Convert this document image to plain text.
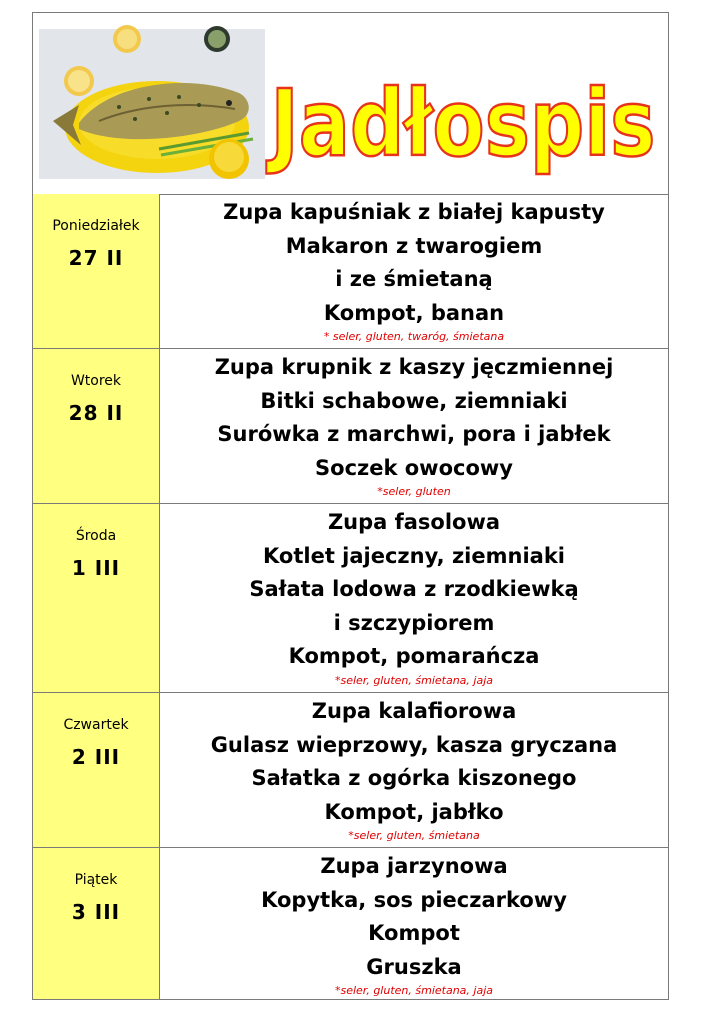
Jadłospis
Poniedziałek
27 II
Zupa kapuśniak z białej kapusty
Makaron z twarogiem
i ze śmietaną
Kompot, banan
* seler, gluten, twaróg, śmietana
Wtorek
28 II
Zupa krupnik z kaszy jęczmiennej
Bitki schabowe, ziemniaki
Surówka z marchwi, pora i jabłek
Soczek owocowy
*seler, gluten
Środa
1 III
Zupa fasolowa
Kotlet jajeczny, ziemniaki
Sałata lodowa z rzodkiewką
i szczypiorem
Kompot, pomarańcza
*seler, gluten, śmietana, jaja
Czwartek
2 III
Zupa kalafiorowa
Gulasz wieprzowy, kasza gryczana
Sałatka z ogórka kiszonego
Kompot, jabłko
*seler, gluten, śmietana
Piątek
3 III
Zupa jarzynowa
Kopytka, sos pieczarkowy
Kompot
Gruszka
*seler, gluten, śmietana, jaja
